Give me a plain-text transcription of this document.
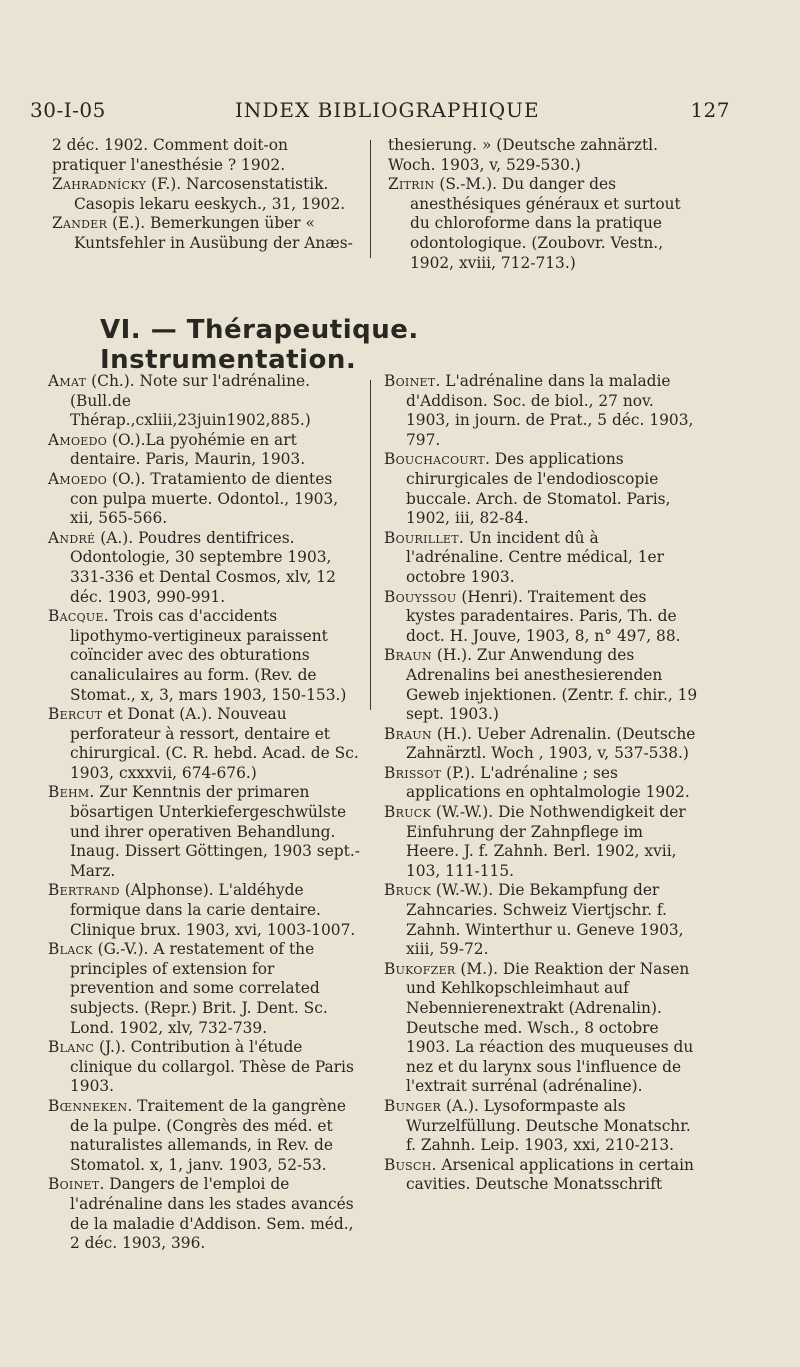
30-I-05	INDEX BIBLIOGRAPHIQUE	127

2 déc. 1902. Comment doit-on pratiquer l'anesthésie ? 1902.

Zahradnícky (F.). Narcosenstatistik. Casopis lekaru eeskych., 31, 1902.

Zander (E.). Bemerkungen über « Kuntsfehler in Ausübung der Anæs-

thesierung. » (Deutsche zahnärztl. Woch. 1903, v, 529-530.)

Zitrin (S.-M.). Du danger des anesthésiques généraux et surtout du chloroforme dans la pratique odontologique. (Zoubovr. Vestn., 1902, xviii, 712-713.)

VI. — Thérapeutique. Instrumentation.

Amat (Ch.). Note sur l'adrénaline. (Bull.de Thérap.,cxliii,23juin1902,885.)

Amoedo (O.).La pyohémie en art dentaire. Paris, Maurin, 1903.

Amoedo (O.). Tratamiento de dientes con pulpa muerte. Odontol., 1903, xii, 565-566.

André (A.). Poudres dentifrices. Odontologie, 30 septembre 1903, 331-336 et Dental Cosmos, xlv, 12 déc. 1903, 990-991.

Bacque. Trois cas d'accidents lipothymo-vertigineux paraissent coïncider avec des obturations canaliculaires au form. (Rev. de Stomat., x, 3, mars 1903, 150-153.)

Bercut et Donat (A.). Nouveau perforateur à ressort, dentaire et chirurgical. (C. R. hebd. Acad. de Sc. 1903, cxxxvii, 674-676.)

Behm. Zur Kenntnis der primaren bösartigen Unterkiefergeschwülste und ihrer operativen Behandlung. Inaug. Dissert Göttingen, 1903 sept.-Marz.

Bertrand (Alphonse). L'aldéhyde formique dans la carie dentaire. Clinique brux. 1903, xvi, 1003-1007.

Black (G.-V.). A restatement of the principles of extension for prevention and some correlated subjects. (Repr.) Brit. J. Dent. Sc. Lond. 1902, xlv, 732-739.

Blanc (J.). Contribution à l'étude clinique du collargol. Thèse de Paris 1903.

Bœnneken. Traitement de la gangrène de la pulpe. (Congrès des méd. et naturalistes allemands, in Rev. de Stomatol. x, 1, janv. 1903, 52-53.

Boinet. Dangers de l'emploi de l'adrénaline dans les stades avancés de la maladie d'Addison. Sem. méd., 2 déc. 1903, 396.

Boinet. L'adrénaline dans la maladie d'Addison. Soc. de biol., 27 nov. 1903, in journ. de Prat., 5 déc. 1903, 797.

Bouchacourt. Des applications chirurgicales de l'endodioscopie buccale. Arch. de Stomatol. Paris, 1902, iii, 82-84.

Bourillet. Un incident dû à l'adrénaline. Centre médical, 1er octobre 1903.

Bouyssou (Henri). Traitement des kystes paradentaires. Paris, Th. de doct. H. Jouve, 1903, 8, n° 497, 88.

Braun (H.). Zur Anwendung des Adrenalins bei anesthesierenden Geweb injektionen. (Zentr. f. chir., 19 sept. 1903.)

Braun (H.). Ueber Adrenalin. (Deutsche Zahnärztl. Woch , 1903, v, 537-538.)

Brissot (P.). L'adrénaline ; ses applications en ophtalmologie 1902.

Bruck (W.-W.). Die Nothwendigkeit der Einfuhrung der Zahnpflege im Heere. J. f. Zahnh. Berl. 1902, xvii, 103, 111-115.

Bruck (W.-W.). Die Bekampfung der Zahncaries. Schweiz Viertjschr. f. Zahnh. Winterthur u. Geneve 1903, xiii, 59-72.

Bukofzer (M.). Die Reaktion der Nasen und Kehlkopschleimhaut auf Nebennierenextrakt (Adrenalin). Deutsche med. Wsch., 8 octobre 1903. La réaction des muqueuses du nez et du larynx sous l'influence de l'extrait surrénal (adrénaline).

Bunger (A.). Lysoformpaste als Wurzelfüllung. Deutsche Monatschr. f. Zahnh. Leip. 1903, xxi, 210-213.

Busch. Arsenical applications in certain cavities. Deutsche Monatsschrift
